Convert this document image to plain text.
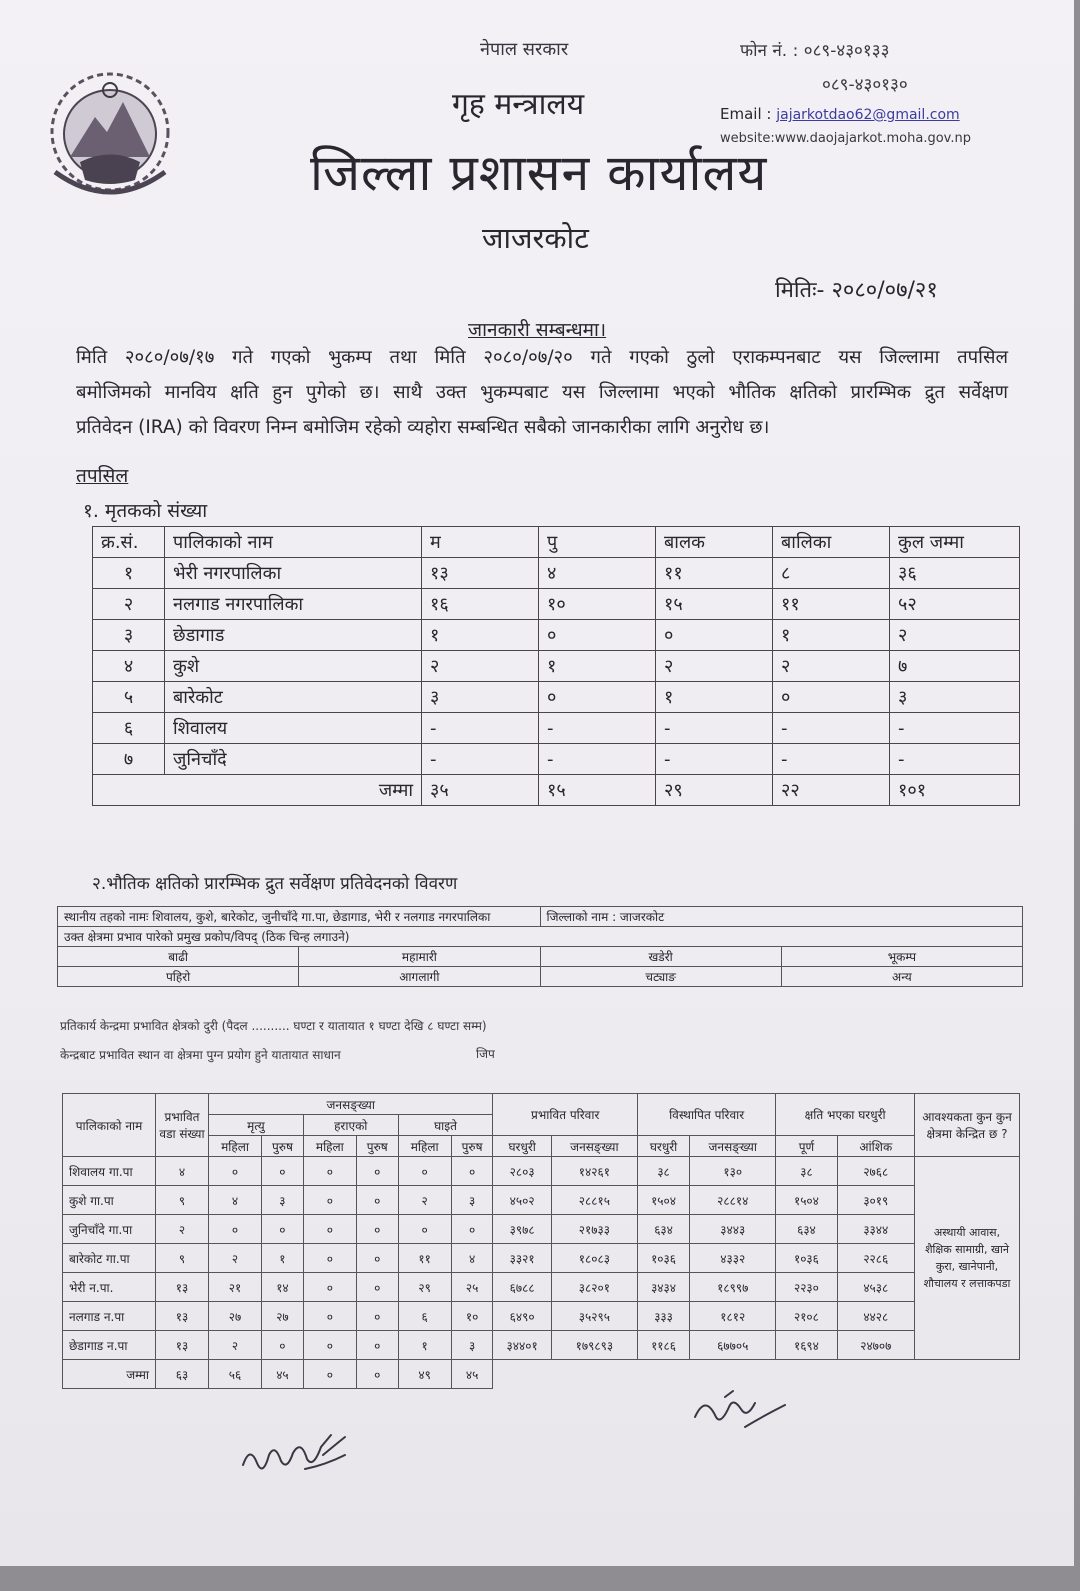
नेपाल सरकार
गृह मन्त्रालय
जिल्ला प्रशासन कार्यालय
जाजरकोट
फोन नं. : ०८९-४३०१३३
०८९-४३०१३०
Email : jajarkotdao62@gmail.com
website:www.daojajarkot.moha.gov.np
मितिः- २०८०/०७/२१
जानकारी सम्बन्धमा।
मिति २०८०/०७/१७ गते गएको भुकम्प तथा मिति २०८०/०७/२० गते गएको ठुलो एराकम्पनबाट यस जिल्लामा तपसिल
बमोजिमको मानविय क्षति हुन पुगेको छ। साथै उक्त भुकम्पबाट यस जिल्लामा भएको भौतिक क्षतिको प्रारम्भिक द्रुत सर्वेक्षण
प्रतिवेदन (IRA) को विवरण निम्न बमोजिम रहेको व्यहोरा सम्बन्धित सबैको जानकारीका लागि अनुरोध छ।
तपसिल
१. मृतकको संख्या
क्र.सं.	पालिकाको नाम	म	पु	बालक	बालिका	कुल जम्मा
१	भेरी नगरपालिका	१३	४	११	८	३६
२	नलगाड नगरपालिका	१६	१०	१५	११	५२
३	छेडागाड	१	०	०	१	२
४	कुशे	२	१	२	२	७
५	बारेकोट	३	०	१	०	३
६	शिवालय	-	-	-	-	-
७	जुनिचाँदे	-	-	-	-	-
जम्मा		३५	१५	२९	२२	१०१
२.भौतिक क्षतिको प्रारम्भिक द्रुत सर्वेक्षण प्रतिवेदनको विवरण
स्थानीय तहको नामः शिवालय, कुशे, बारेकोट, जुनीचाँदे गा.पा, छेडागाड, भेरी र नलगाड नगरपालिका		जिल्लाको नाम : जाजरकोट	
उक्त क्षेत्रमा प्रभाव पारेको प्रमुख प्रकोप/विपद् (ठिक चिन्ह लगाउने)			
बाढी	महामारी	खडेरी	भूकम्प
पहिरो	आगलागी	चट्याङ	अन्य
प्रतिकार्य केन्द्रमा प्रभावित क्षेत्रको दुरी (पैदल .......... घण्टा र यातायात १ घण्टा देखि ८ घण्टा सम्म)
केन्द्रबाट प्रभावित स्थान वा क्षेत्रमा पुग्न प्रयोग हुने यातायात साधान	जिप
पालिकाको नाम	प्रभावित वडा संख्या	जनसङ्ख्या						प्रभावित परिवार		विस्थापित परिवार		क्षति भएका घरधुरी		आवश्यकता कुन कुन क्षेत्रमा केन्द्रित छ ?
		मृत्यु		हराएको		घाइते								
		महिला	पुरुष	महिला	पुरुष	महिला	पुरुष	घरधुरी	जनसङ्ख्या	घरधुरी	जनसङ्ख्या	पूर्ण	आंशिक	
शिवालय गा.पा	४	०	०	०	०	०	०	२८०३	१४२६१	३८	१३०	३८	२७६८	अस्थायी आवास, शैक्षिक सामाग्री, खाने कुरा, खानेपानी, शौचालय र लत्ताकपडा
कुशे गा.पा	९	४	३	०	०	२	३	४५०२	२८८१५	१५०४	२८८१४	१५०४	३०१९	
जुनिचाँदे गा.पा	२	०	०	०	०	०	०	३९७८	२१७३३	६३४	३४४३	६३४	३३४४	
बारेकोट गा.पा	९	२	१	०	०	११	४	३३२१	१८०८३	१०३६	४३३२	१०३६	२२८६	
भेरी न.पा.	१३	२१	१४	०	०	२९	२५	६७८८	३८२०१	३४३४	१८९९७	२२३०	४५३८	
नलगाड न.पा	१३	२७	२७	०	०	६	१०	६४९०	३५२९५	३३३	१८१२	२१०८	४४२८	
छेडागाड न.पा	१३	२	०	०	०	१	३	३४४०१	१७९८९३	११८६	६७७०५	१६९४	२४७०७	
जम्मा	६३	५६	४५	०	०	४९	४५							
